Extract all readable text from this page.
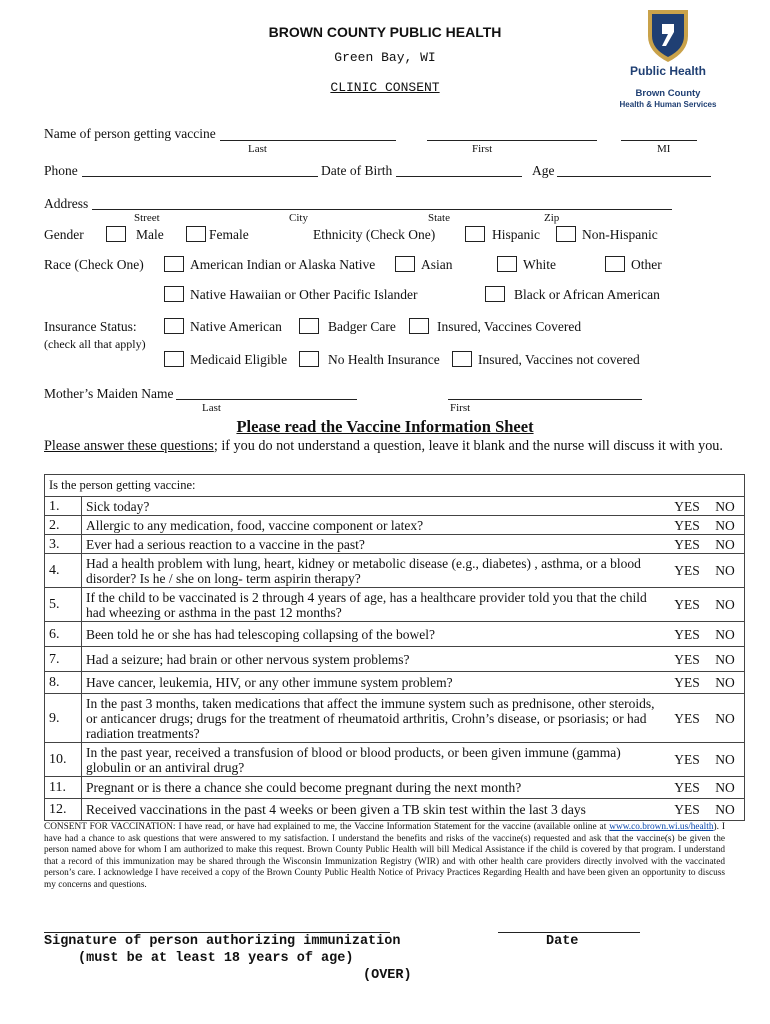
BROWN COUNTY PUBLIC HEALTH
Green Bay, WI
CLINIC CONSENT
Public Health
Brown County
Health & Human Services
Name of person getting vaccine
Last	First	MI
Phone	Date of Birth	Age
Address
Street	City	State	Zip
Gender	Male	Female	Ethnicity (Check One)	Hispanic	Non-Hispanic
Race (Check One)	American Indian or Alaska Native	Asian	White	Other
Native Hawaiian or Other Pacific Islander	Black or African American
Insurance Status:
(check all that apply)
Native American	Badger Care	Insured, Vaccines Covered
Medicaid Eligible	No Health Insurance	Insured, Vaccines not covered
Mother’s Maiden Name
Last	First
Please read the Vaccine Information Sheet
Please answer these questions; if you do not understand a question, leave it blank and the nurse will discuss it with you.
Is the person getting vaccine:			
1.	Sick today?	YES	NO
2.	Allergic to any medication, food, vaccine component or latex?	YES	NO
3.	Ever had a serious reaction to a vaccine in the past?	YES	NO
4.	Had a health problem with lung, heart, kidney or metabolic disease (e.g., diabetes) , asthma, or a blood disorder? Is he / she on long- term aspirin therapy?	YES	NO
5.	If the child to be vaccinated is 2 through 4 years of age, has a healthcare provider told you that the child had wheezing or asthma in the past 12 months?	YES	NO
6.	Been told he or she has had telescoping collapsing of the bowel?	YES	NO
7.	Had a seizure; had brain or other nervous system problems?	YES	NO
8.	Have cancer, leukemia, HIV, or any other immune system problem?	YES	NO
9.	In the past 3 months, taken medications that affect the immune system such as prednisone, other steroids, or anticancer drugs; drugs for the treatment of rheumatoid arthritis, Crohn’s disease, or psoriasis; or had radiation treatments?	YES	NO
10.	In the past year, received a transfusion of blood or blood products, or been given immune (gamma) globulin or an antiviral drug?	YES	NO
11.	Pregnant or is there a chance she could become pregnant during the next month?	YES	NO
12.	Received vaccinations in the past 4 weeks or been given a TB skin test within the last 3 days	YES	NO
CONSENT FOR VACCINATION: I have read, or have had explained to me, the Vaccine Information Statement for the vaccine (available online at www.co.brown.wi.us/health). I have had a chance to ask questions that were answered to my satisfaction. I understand the benefits and risks of the vaccine(s) requested and ask that the vaccine(s) be given the person named above for whom I am authorized to make this request. Brown County Public Health will bill Medical Assistance if the child is covered by that program. I understand that a record of this immunization may be shared through the Wisconsin Immunization Registry (WIR) and with other health care providers directly involved with the vaccinated person’s care. I acknowledge I have received a copy of the Brown County Public Health Notice of Privacy Practices Regarding Health and have been given an opportunity to discuss my concerns and questions.
Signature of person authorizing immunization	Date
(must be at least 18 years of age)
(OVER)
